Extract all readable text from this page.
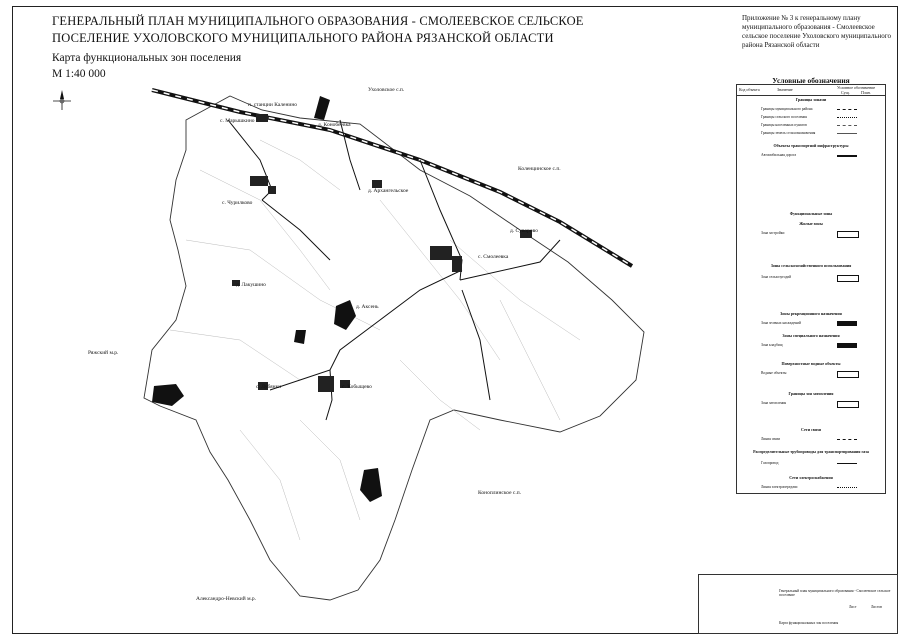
ГЕНЕРАЛЬНЫЙ ПЛАН МУНИЦИПАЛЬНОГО ОБРАЗОВАНИЯ - СМОЛЕЕВСКОЕ СЕЛЬСКОЕ
ПОСЕЛЕНИЕ УХОЛОВСКОГО МУНИЦИПАЛЬНОГО РАЙОНА РЯЗАНСКОЙ ОБЛАСТИ
Карта функциональных зон поселения
М 1:40 000
Приложение № 3 к генеральному плану муниципального образования - Смолеевское сельское поселение Ухоловского муниципального района Рязанской области
Ухоловское с.п.
Коленцинское с.п.
Ряжский м.р.
Коноплинское с.п.
Александро-Невский м.р.
п. станции Каленино
с. Марышкино
д. Конобеевка
с. Чурилково
д. Архангельское
д. Суворово
с. Смолеевка
д. Лакушино
д. Аксень
с. Лубянки	с. Кобыщево
Условные обозначения
Код объекта	Значение	Условное обозначение
Сущ.	План.
Границы зонами
Границы муниципального района
Границы сельского поселения
Границы населенных пунктов
Границы земель сельхозназначения
Объекты транспортной инфраструктуры
Автомобильная дорога
Функциональные зоны
Жилые зоны
Зона застройки
Зоны сельскохозяйственного использования
Зона сельхозугодий
Зоны рекреационного назначения
Зона зеленых насаждений
Зоны специального назначения
Зона кладбищ
Поверхностные водные объекты
Водные объекты
Границы зон затопления
Зона затопления
Сети связи
Линия связи
Распределительные трубопроводы для транспортирования газа
Газопровод
Сети электроснабжения
Линия электропередачи
Генеральный план муниципального образования - Смолеевское сельское поселение
Карта функциональных зон поселения
Лист	Листов
